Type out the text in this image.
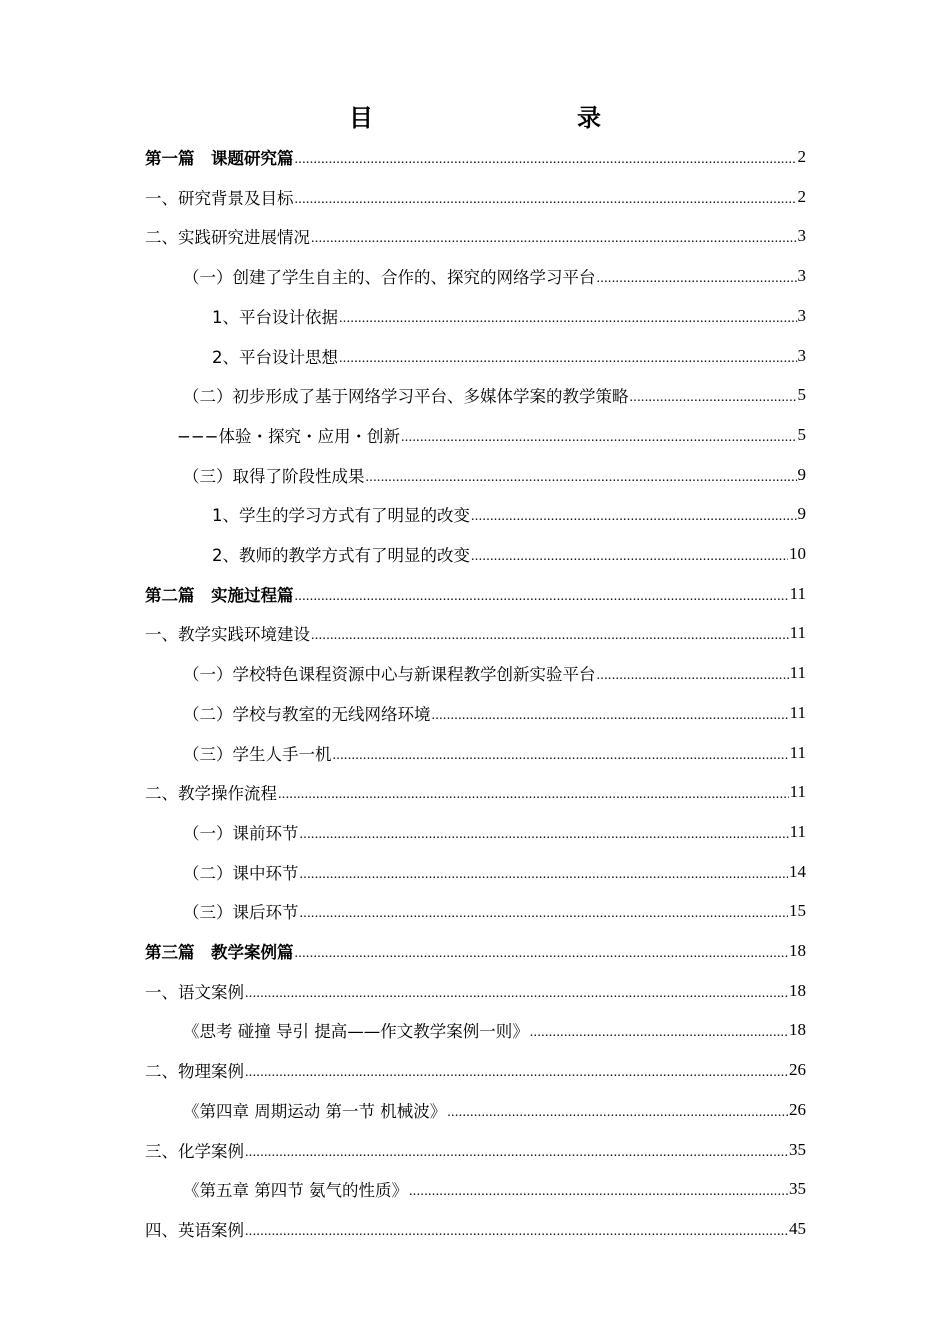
目　　录
第一篇　课题研究篇 .....	2
一、研究背景及目标 .....	2
二、实践研究进展情况 .....	3
（一）创建了学生自主的、合作的、探究的网络学习平台 .....	3
1、平台设计依据 .....	3
2、平台设计思想 .....	3
（二）初步形成了基于网络学习平台、多媒体学案的教学策略 .....	5
−−−体验・探究・应用・创新 .....	5
（三）取得了阶段性成果 .....	9
1、学生的学习方式有了明显的改变 .....	9
2、教师的教学方式有了明显的改变 .....	10
第二篇　实施过程篇 .....	11
一、教学实践环境建设 .....	11
（一）学校特色课程资源中心与新课程教学创新实验平台 .....	11
（二）学校与教室的无线网络环境 .....	11
（三）学生人手一机 .....	11
二、教学操作流程 .....	11
（一）课前环节 .....	11
（二）课中环节 .....	14
（三）课后环节 .....	15
第三篇　教学案例篇 .....	18
一、语文案例 .....	18
《思考 碰撞 导引 提高——作文教学案例一则》 .....	18
二、物理案例 .....	26
《第四章 周期运动 第一节 机械波》 .....	26
三、化学案例 .....	35
《第五章 第四节 氨气的性质》 .....	35
四、英语案例 .....	45
